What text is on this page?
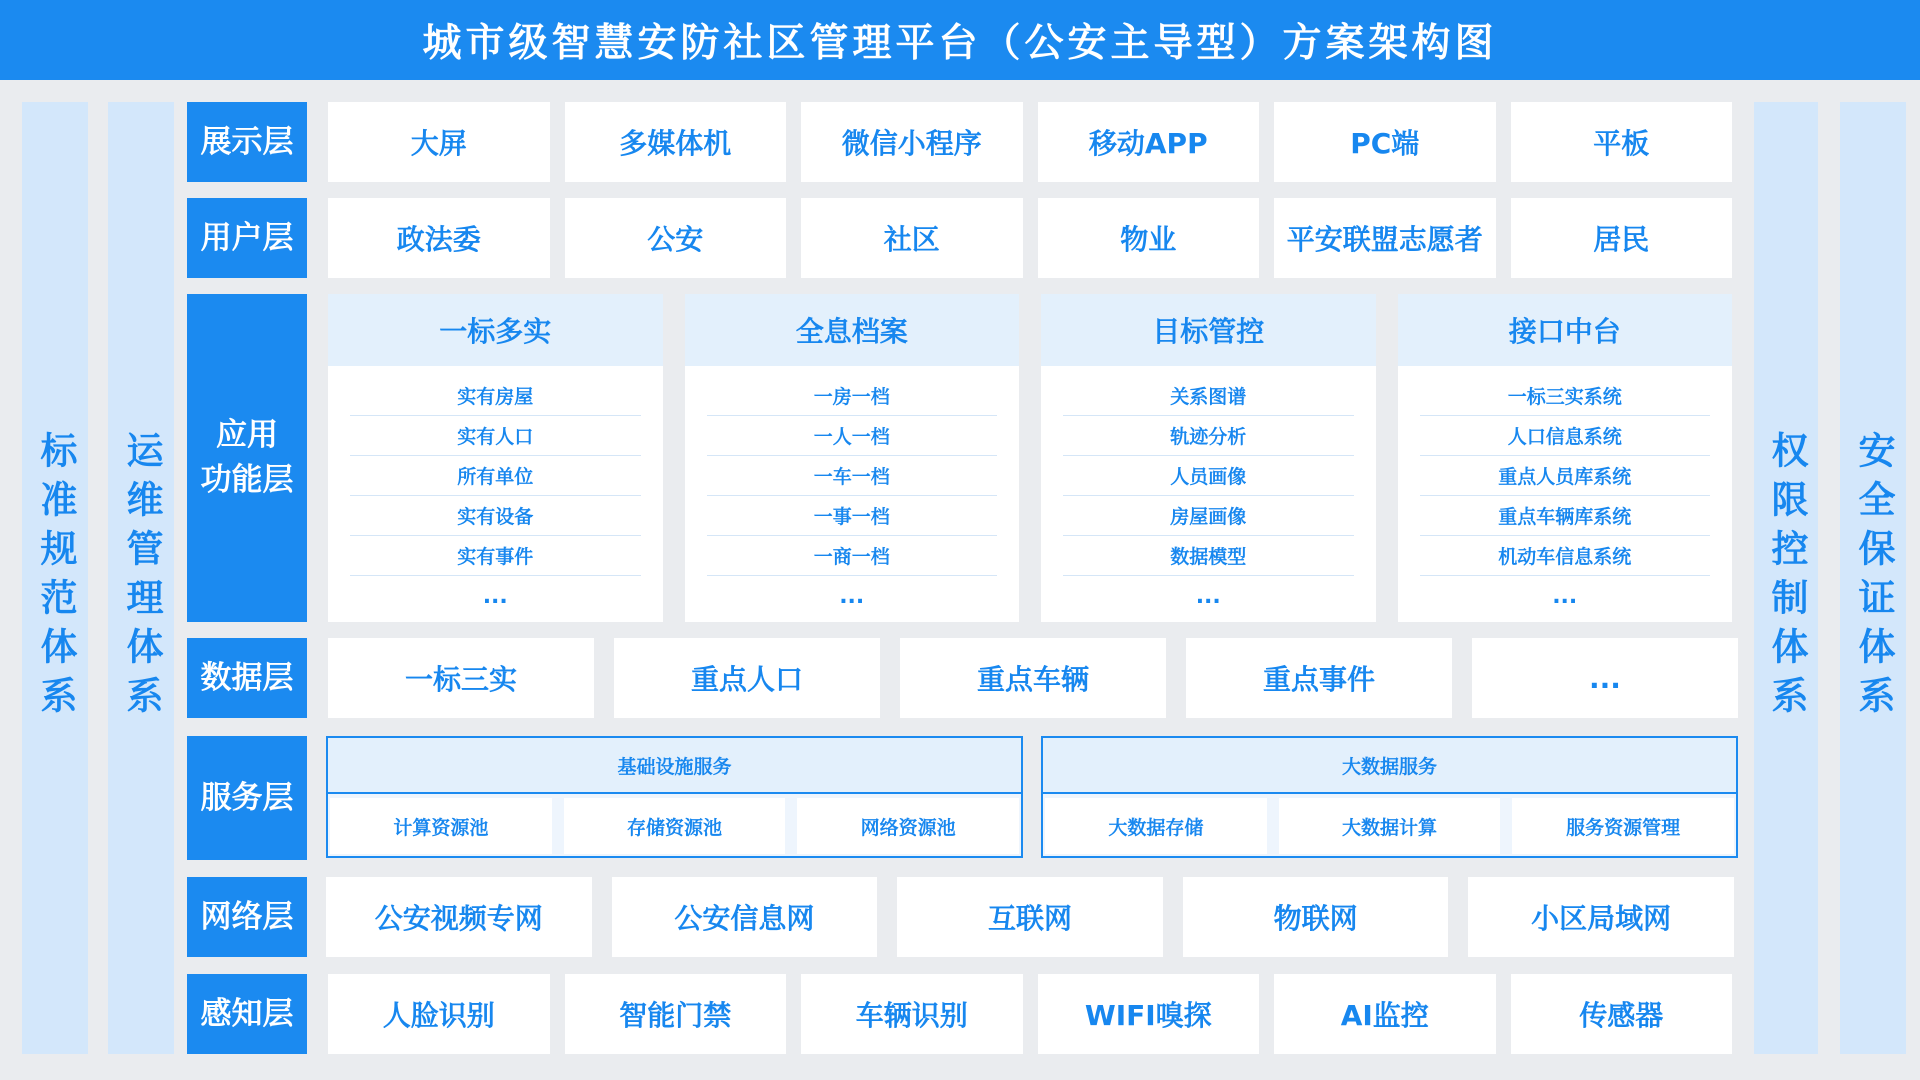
城市级智慧安防社区管理平台（公安主导型）方案架构图
标准规范体系 运维管理体系	权限控制体系 安全保证体系
展示层	大屏	多媒体机	微信小程序	移动APP	PC端	平板
用户层	政法委	公安	社区	物业	平安联盟志愿者	居民
应用
功能层
一标多实
实有房屋
实有人口
所有单位
实有设备
实有事件
...
全息档案
一房一档
一人一档
一车一档
一事一档
一商一档
...
目标管控
关系图谱
轨迹分析
人员画像
房屋画像
数据模型
...
接口中台
一标三实系统
人口信息系统
重点人员库系统
重点车辆库系统
机动车信息系统
...
数据层	一标三实	重点人口	重点车辆	重点事件	...
服务层
基础设施服务
计算资源池	存储资源池	网络资源池
大数据服务
大数据存储	大数据计算	服务资源管理
网络层	公安视频专网	公安信息网	互联网	物联网	小区局域网
感知层	人脸识别	智能门禁	车辆识别	WIFI嗅探	AI监控	传感器
